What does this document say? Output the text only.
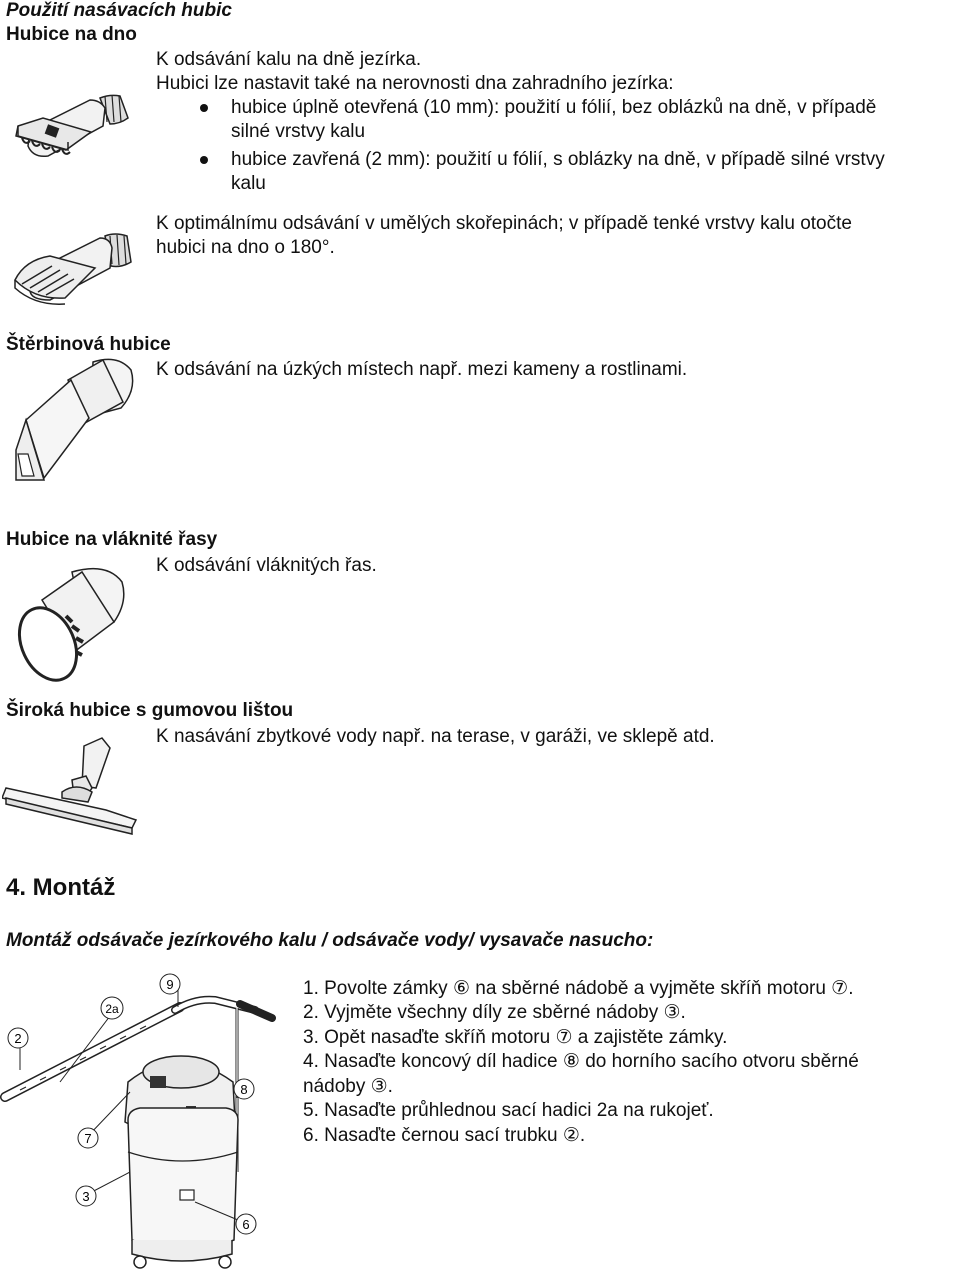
Použití nasávacích hubic
Hubice na dno
K odsávání kalu na dně jezírka.
Hubici lze nastavit také na nerovnosti dna zahradního jezírka:
hubice úplně otevřená (10 mm): použití u fólií, bez oblázků na dně, v případě
silné vrstvy kalu
hubice zavřená (2 mm): použití u fólií, s oblázky na dně, v případě silné vrstvy
kalu
K optimálnímu odsávání v umělých skořepinách; v případě tenké vrstvy kalu otočte
hubici na dno o 180°.
Štěrbinová hubice
K odsávání na úzkých místech např. mezi kameny a rostlinami.
Hubice na vláknité řasy
K odsávání vláknitých řas.
Široká hubice s gumovou lištou
K nasávání zbytkové vody např. na terase, v garáži, ve sklepě atd.
4. Montáž
Montáž odsávače jezírkového kalu / odsávače vody/ vysavače nasucho:
1. Povolte zámky ⑥ na sběrné nádobě a vyjměte skříň motoru ⑦.
2. Vyjměte všechny díly ze sběrné nádoby ③.
3. Opět nasaďte skříň motoru ⑦ a zajistěte zámky.
4. Nasaďte koncový díl hadice ⑧ do horního sacího otvoru sběrné
nádoby ③.
5. Nasaďte průhlednou sací hadici 2a na rukojeť.
6. Nasaďte černou sací trubku ②.
9
2a
2
8
7
3
6
